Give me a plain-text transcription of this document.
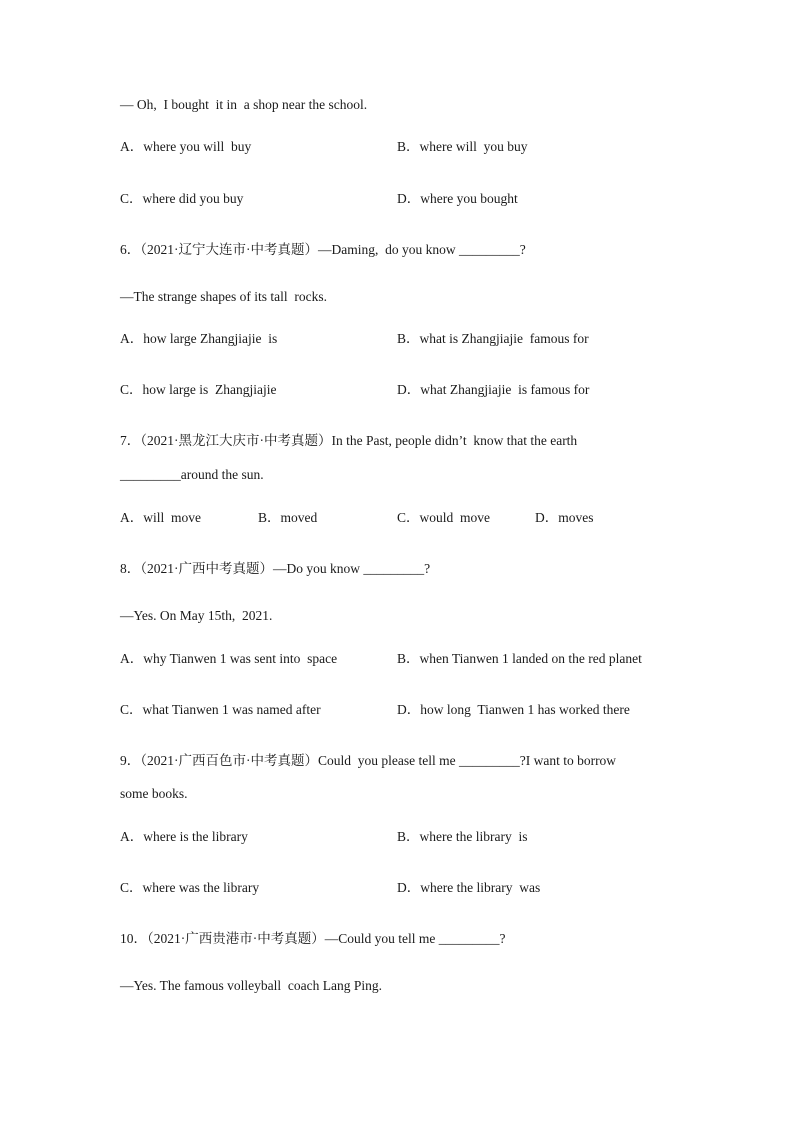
— Oh,  I bought  it in  a shop near the school.
A．where you will  buy	B．where will  you buy
C．where did you buy	D．where you bought
6．（2021·辽宁大连市·中考真题）—Daming,  do you know _________?
—The strange shapes of its tall  rocks.
A．how large Zhangjiajie  is	B．what is Zhangjiajie  famous for
C．how large is  Zhangjiajie	D．what Zhangjiajie  is famous for
7．（2021·黑龙江大庆市·中考真题）In the Past, people didn’t  know that the earth
_________around the sun.
A．will  move	B．moved	C．would  move	D．moves
8．（2021·广西中考真题）—Do you know _________?
—Yes. On May 15th,  2021.
A．why Tianwen 1 was sent into  space	B．when Tianwen 1 landed on the red planet
C．what Tianwen 1 was named after	D．how long  Tianwen 1 has worked there
9．（2021·广西百色市·中考真题）Could  you please tell me _________?I want to borrow
some books.
A．where is the library	B．where the library  is
C．where was the library	D．where the library  was
10．（2021·广西贵港市·中考真题）—Could you tell me _________?
—Yes. The famous volleyball  coach Lang Ping.
